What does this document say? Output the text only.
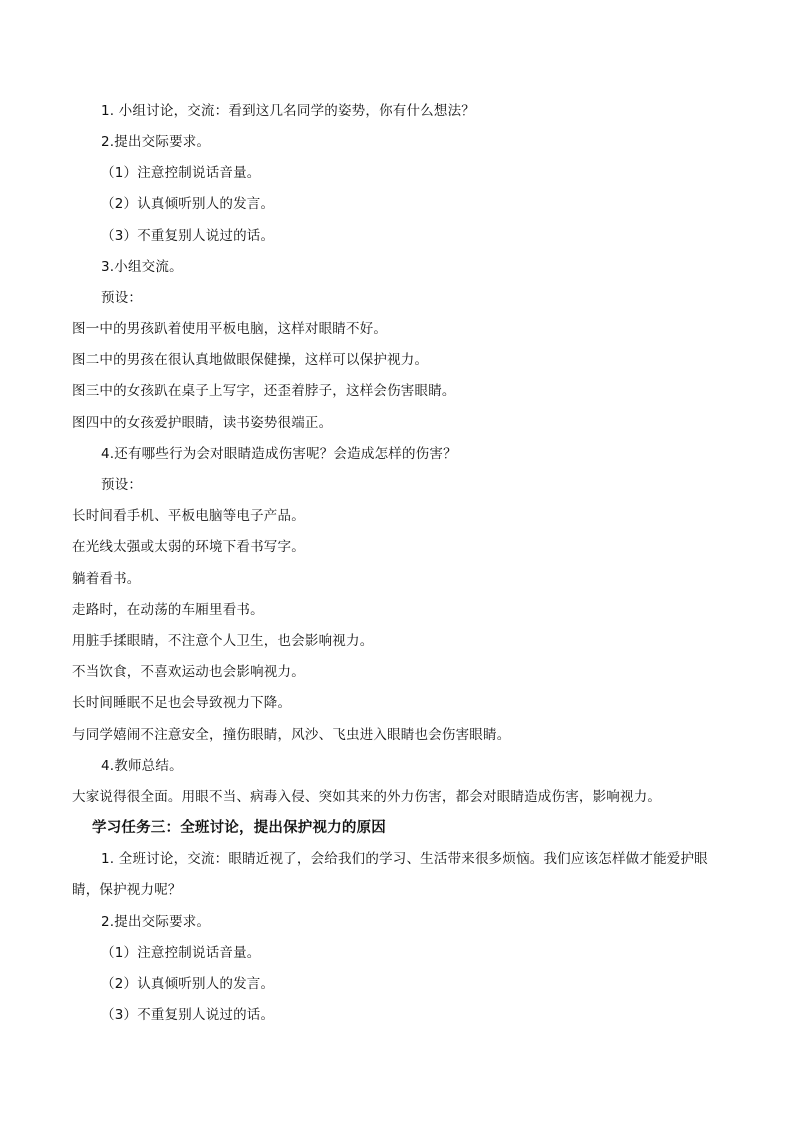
1. 小组讨论，交流：看到这几名同学的姿势，你有什么想法？
2.提出交际要求。
（1）注意控制说话音量。
（2）认真倾听别人的发言。
（3）不重复别人说过的话。
3.小组交流。
预设：
图一中的男孩趴着使用平板电脑，这样对眼睛不好。
图二中的男孩在很认真地做眼保健操，这样可以保护视力。
图三中的女孩趴在桌子上写字，还歪着脖子，这样会伤害眼睛。
图四中的女孩爱护眼睛，读书姿势很端正。
4.还有哪些行为会对眼睛造成伤害呢？会造成怎样的伤害？
预设：
长时间看手机、平板电脑等电子产品。
在光线太强或太弱的环境下看书写字。
躺着看书。
走路时，在动荡的车厢里看书。
用脏手揉眼睛，不注意个人卫生，也会影响视力。
不当饮食，不喜欢运动也会影响视力。
长时间睡眠不足也会导致视力下降。
与同学嬉闹不注意安全，撞伤眼睛，风沙、飞虫进入眼睛也会伤害眼睛。
4.教师总结。
大家说得很全面。用眼不当、病毒入侵、突如其来的外力伤害，都会对眼睛造成伤害，影响视力。
学习任务三：全班讨论，提出保护视力的原因
1. 全班讨论，交流：眼睛近视了，会给我们的学习、生活带来很多烦恼。我们应该怎样做才能爱护眼
睛，保护视力呢？
2.提出交际要求。
（1）注意控制说话音量。
（2）认真倾听别人的发言。
（3）不重复别人说过的话。
